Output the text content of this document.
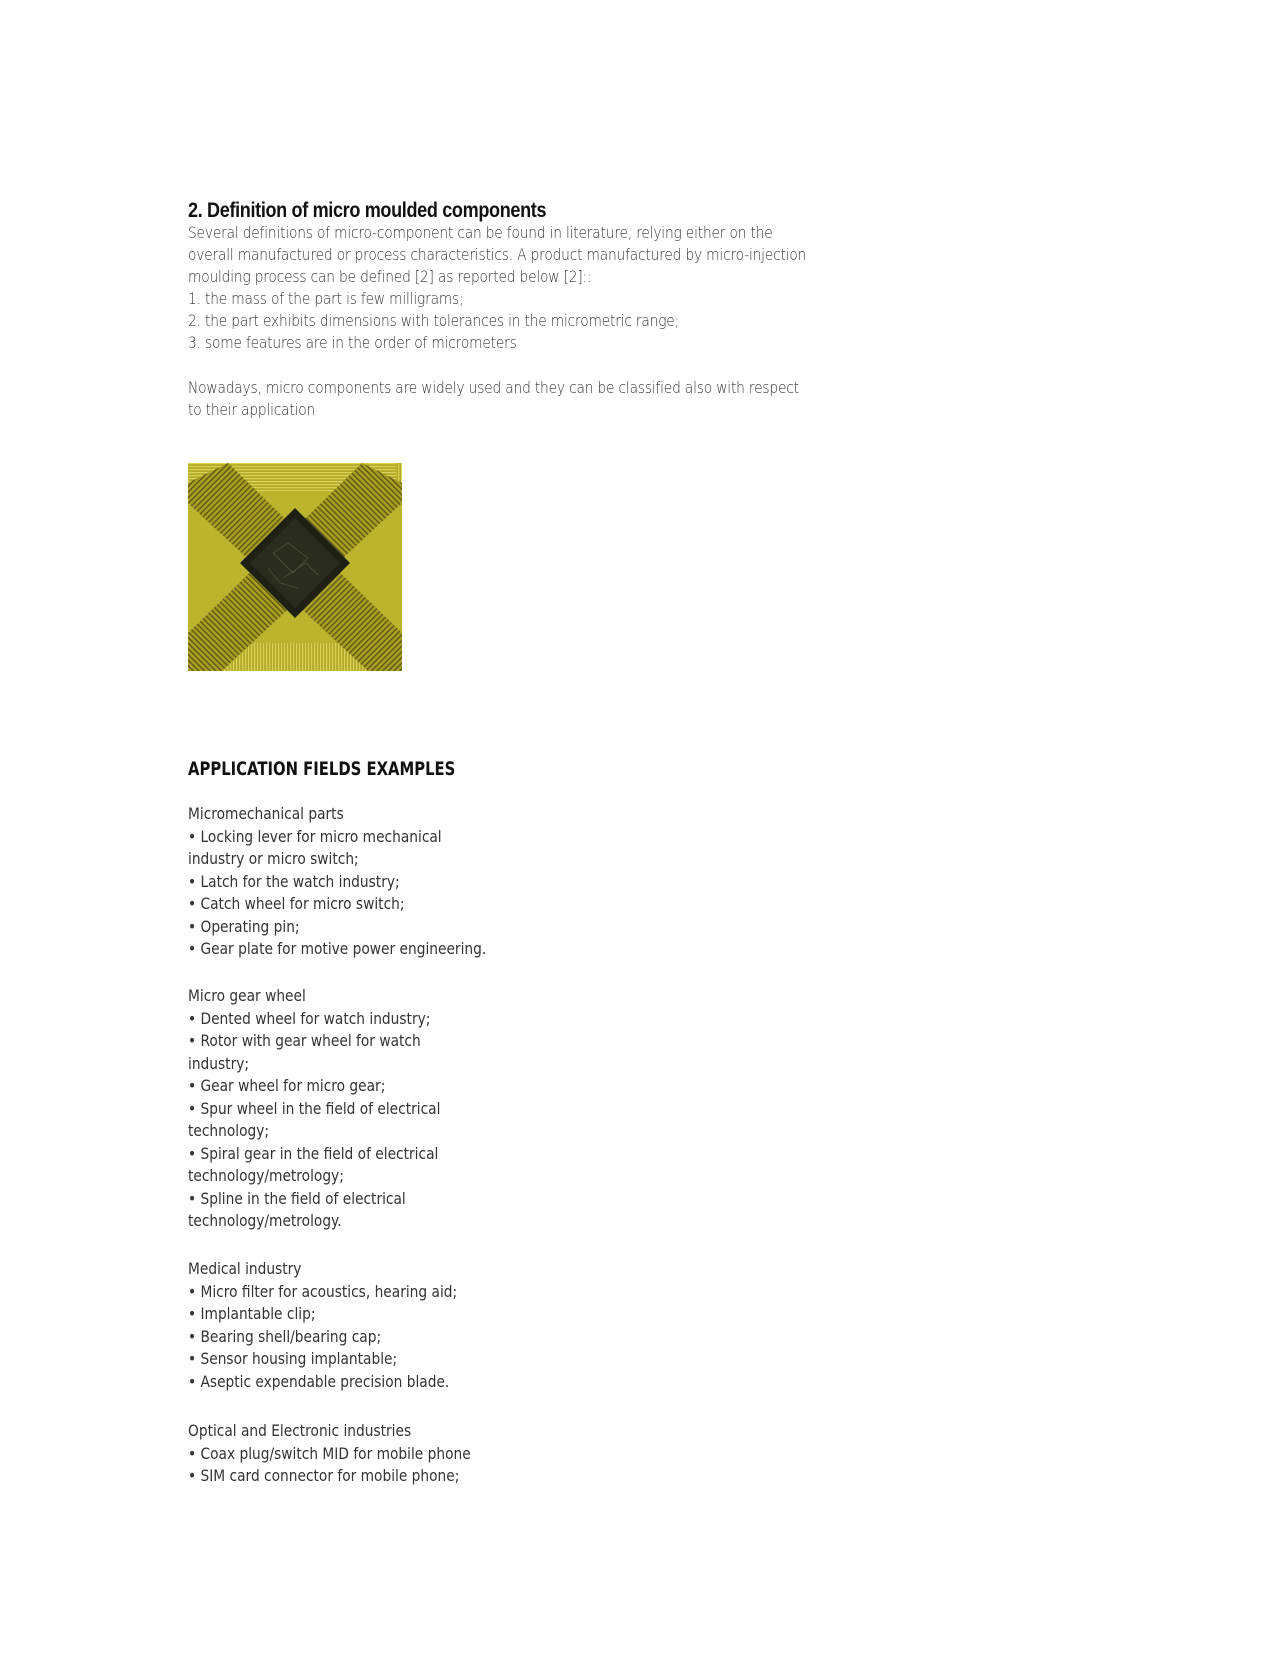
2. Definition of micro moulded components
Several definitions of micro-component can be found in literature, relying either on the
overall manufactured or process characteristics. A product manufactured by micro-injection
moulding process can be defined [2] as reported below [2]::
1. the mass of the part is few milligrams;
2. the part exhibits dimensions with tolerances in the micrometric range;
3. some features are in the order of micrometers
Nowadays, micro components are widely used and they can be classified also with respect
to their application
APPLICATION FIELDS EXAMPLES
Micromechanical parts
• Locking lever for micro mechanical
industry or micro switch;
• Latch for the watch industry;
• Catch wheel for micro switch;
• Operating pin;
• Gear plate for motive power engineering.
Micro gear wheel
• Dented wheel for watch industry;
• Rotor with gear wheel for watch
industry;
• Gear wheel for micro gear;
• Spur wheel in the field of electrical
technology;
• Spiral gear in the field of electrical
technology/metrology;
• Spline in the field of electrical
technology/metrology.
Medical industry
• Micro filter for acoustics, hearing aid;
• Implantable clip;
• Bearing shell/bearing cap;
• Sensor housing implantable;
• Aseptic expendable precision blade.
Optical and Electronic industries
• Coax plug/switch MID for mobile phone
• SIM card connector for mobile phone;
